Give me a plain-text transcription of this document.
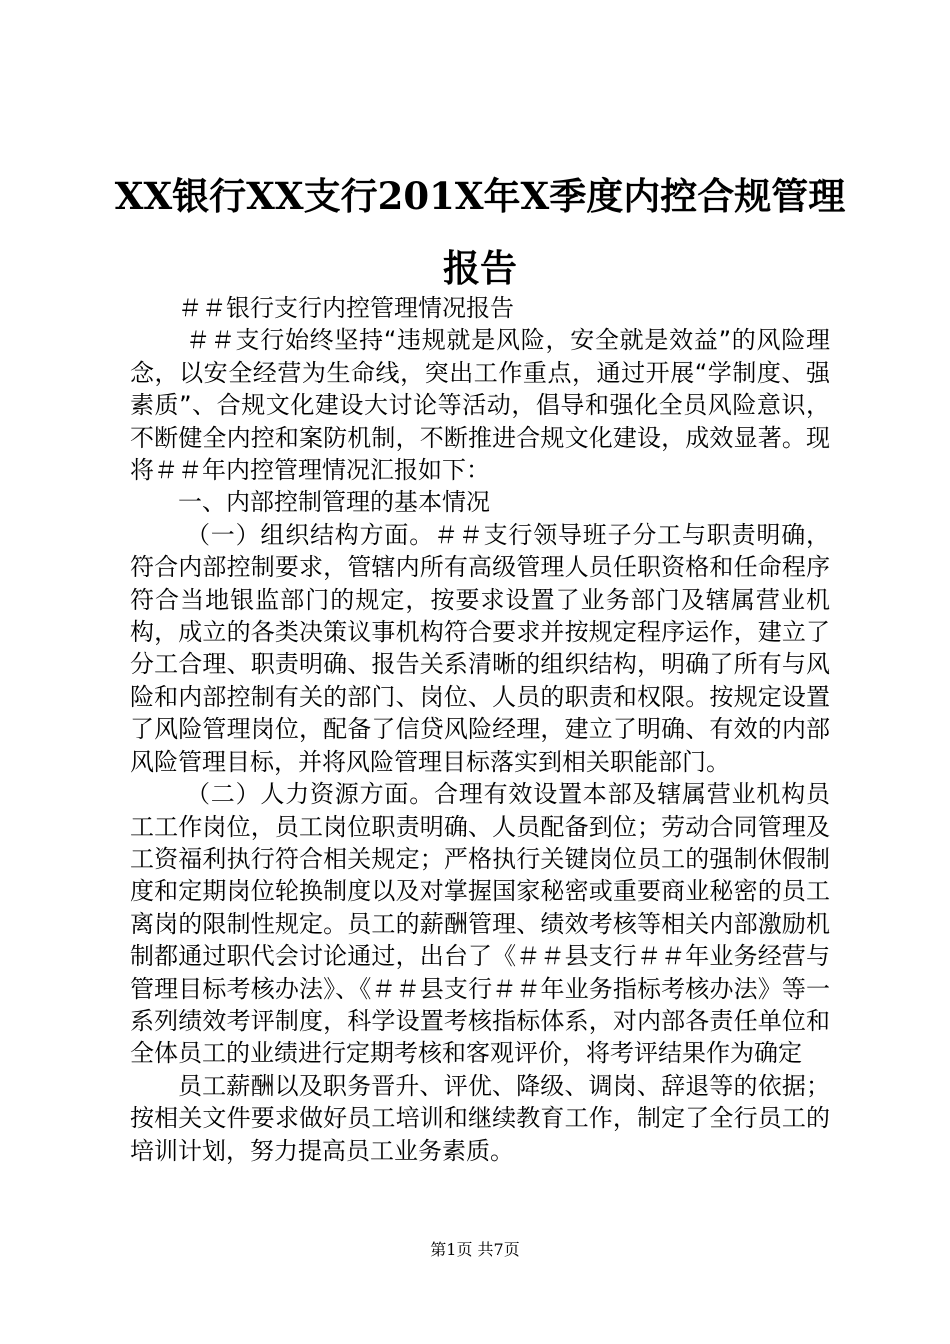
XX银行XX支行201X年X季度内控合规管理报告

＃＃银行支行内控管理情况报告

＃＃支行始终坚持“违规就是风险，安全就是效益”的风险理念，以安全经营为生命线，突出工作重点，通过开展“学制度、强素质”、合规文化建设大讨论等活动，倡导和强化全员风险意识，不断健全内控和案防机制，不断推进合规文化建设，成效显著。现将＃＃年内控管理情况汇报如下：

一、内部控制管理的基本情况

（一）组织结构方面。＃＃支行领导班子分工与职责明确，符合内部控制要求，管辖内所有高级管理人员任职资格和任命程序符合当地银监部门的规定，按要求设置了业务部门及辖属营业机构，成立的各类决策议事机构符合要求并按规定程序运作，建立了分工合理、职责明确、报告关系清晰的组织结构，明确了所有与风险和内部控制有关的部门、岗位、人员的职责和权限。按规定设置了风险管理岗位，配备了信贷风险经理，建立了明确、有效的内部风险管理目标，并将风险管理目标落实到相关职能部门。

（二）人力资源方面。合理有效设置本部及辖属营业机构员工工作岗位，员工岗位职责明确、人员配备到位；劳动合同管理及工资福利执行符合相关规定；严格执行关键岗位员工的强制休假制度和定期岗位轮换制度以及对掌握国家秘密或重要商业秘密的员工离岗的限制性规定。员工的薪酬管理、绩效考核等相关内部激励机制都通过职代会讨论通过，出台了《＃＃县支行＃＃年业务经营与管理目标考核办法》、《＃＃县支行＃＃年业务指标考核办法》等一系列绩效考评制度，科学设置考核指标体系，对内部各责任单位和全体员工的业绩进行定期考核和客观评价，将考评结果作为确定

员工薪酬以及职务晋升、评优、降级、调岗、辞退等的依据；按相关文件要求做好员工培训和继续教育工作，制定了全行员工的培训计划，努力提高员工业务素质。

第1页 共7页
